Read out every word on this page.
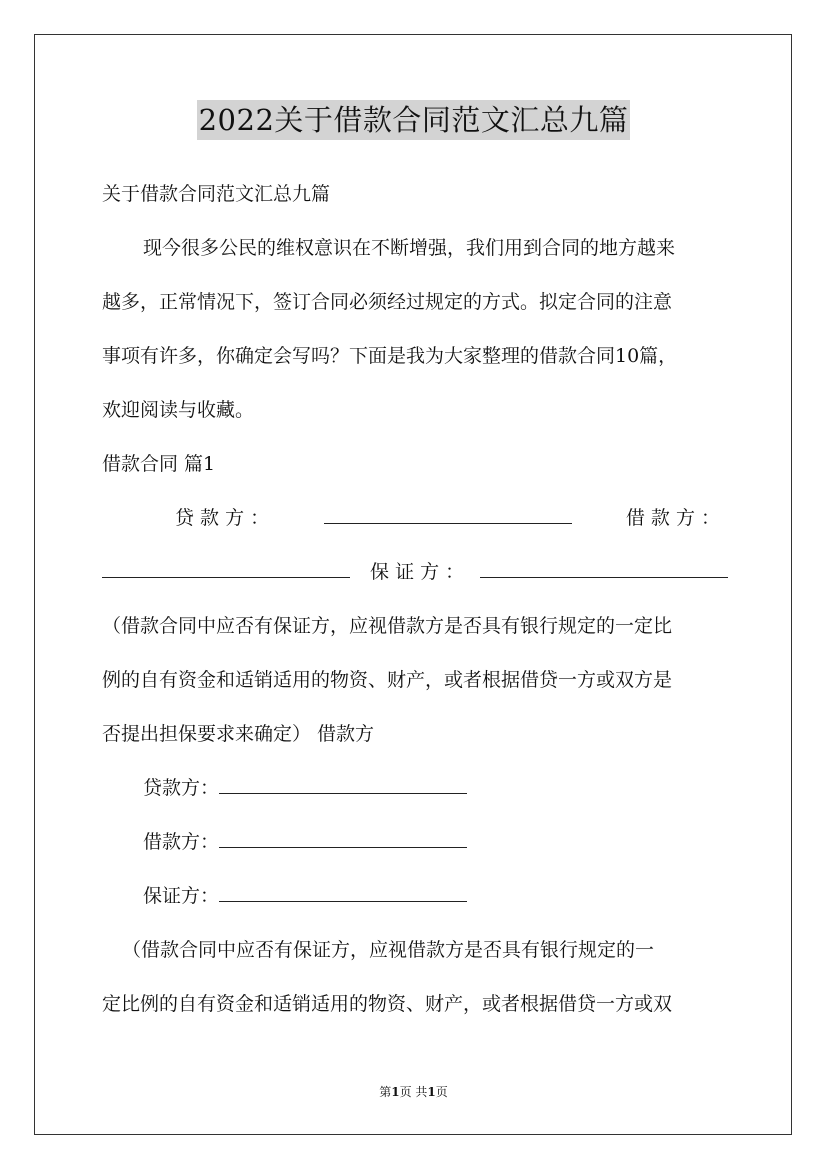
2022关于借款合同范文汇总九篇
关于借款合同范文汇总九篇
现今很多公民的维权意识在不断增强，我们用到合同的地方越来
越多，正常情况下，签订合同必须经过规定的方式。拟定合同的注意
事项有许多，你确定会写吗？下面是我为大家整理的借款合同10篇，
欢迎阅读与收藏。
借款合同 篇1
贷 款 方 ：	借 款 方 ：
保 证 方 ：
（借款合同中应否有保证方，应视借款方是否具有银行规定的一定比
例的自有资金和适销适用的物资、财产，或者根据借贷一方或双方是
否提出担保要求来确定） 借款方
贷款方：
借款方：
保证方：
（借款合同中应否有保证方，应视借款方是否具有银行规定的一
定比例的自有资金和适销适用的物资、财产，或者根据借贷一方或双
第1页 共1页
